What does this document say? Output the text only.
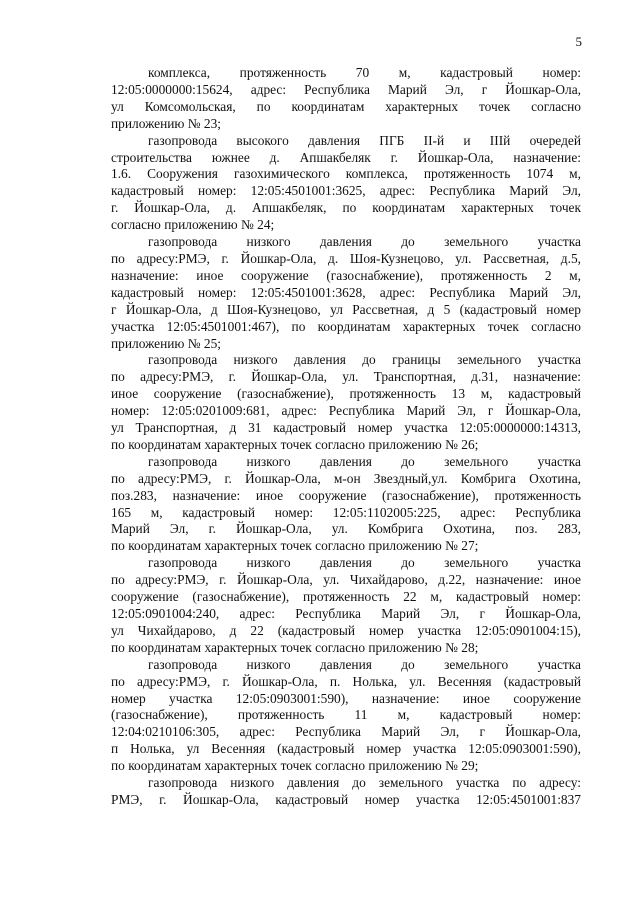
5
комплекса, протяженность 70 м, кадастровый номер:
12:05:0000000:15624, адрес: Республика Марий Эл, г Йошкар-Ола,
ул Комсомольская, по координатам характерных точек согласно
приложению № 23;
газопровода высокого давления ПГБ II-й и IIIй очередей
строительства южнее д. Апшакбеляк г. Йошкар-Ола, назначение:
1.6. Сооружения газохимического комплекса, протяженность 1074 м,
кадастровый номер: 12:05:4501001:3625, адрес: Республика Марий Эл,
г. Йошкар-Ола, д. Апшакбеляк, по координатам характерных точек
согласно приложению № 24;
газопровода низкого давления до земельного участка
по адресу:РМЭ, г. Йошкар-Ола, д. Шоя-Кузнецово, ул. Рассветная, д.5,
назначение: иное сооружение (газоснабжение), протяженность 2 м,
кадастровый номер: 12:05:4501001:3628, адрес: Республика Марий Эл,
г Йошкар-Ола, д Шоя-Кузнецово, ул Рассветная, д 5 (кадастровый номер
участка 12:05:4501001:467), по координатам характерных точек согласно
приложению № 25;
газопровода низкого давления до границы земельного участка
по адресу:РМЭ, г. Йошкар-Ола, ул. Транспортная, д.31, назначение:
иное сооружение (газоснабжение), протяженность 13 м, кадастровый
номер: 12:05:0201009:681, адрес: Республика Марий Эл, г Йошкар-Ола,
ул Транспортная, д 31 кадастровый номер участка 12:05:0000000:14313,
по координатам характерных точек согласно приложению № 26;
газопровода низкого давления до земельного участка
по адресу:РМЭ, г. Йошкар-Ола, м-он Звездный,ул. Комбрига Охотина,
поз.283, назначение: иное сооружение (газоснабжение), протяженность
165 м, кадастровый номер: 12:05:1102005:225, адрес: Республика
Марий Эл, г. Йошкар-Ола, ул. Комбрига Охотина, поз. 283,
по координатам характерных точек согласно приложению № 27;
газопровода низкого давления до земельного участка
по адресу:РМЭ, г. Йошкар-Ола, ул. Чихайдарово, д.22, назначение: иное
сооружение (газоснабжение), протяженность 22 м, кадастровый номер:
12:05:0901004:240, адрес: Республика Марий Эл, г Йошкар-Ола,
ул Чихайдарово, д 22 (кадастровый номер участка 12:05:0901004:15),
по координатам характерных точек согласно приложению № 28;
газопровода низкого давления до земельного участка
по адресу:РМЭ, г. Йошкар-Ола, п. Нолька, ул. Весенняя (кадастровый
номер участка 12:05:0903001:590), назначение: иное сооружение
(газоснабжение), протяженность 11 м, кадастровый номер:
12:04:0210106:305, адрес: Республика Марий Эл, г Йошкар-Ола,
п Нолька, ул Весенняя (кадастровый номер участка 12:05:0903001:590),
по координатам характерных точек согласно приложению № 29;
газопровода низкого давления до земельного участка по адресу:
РМЭ, г. Йошкар-Ола, кадастровый номер участка 12:05:4501001:837
